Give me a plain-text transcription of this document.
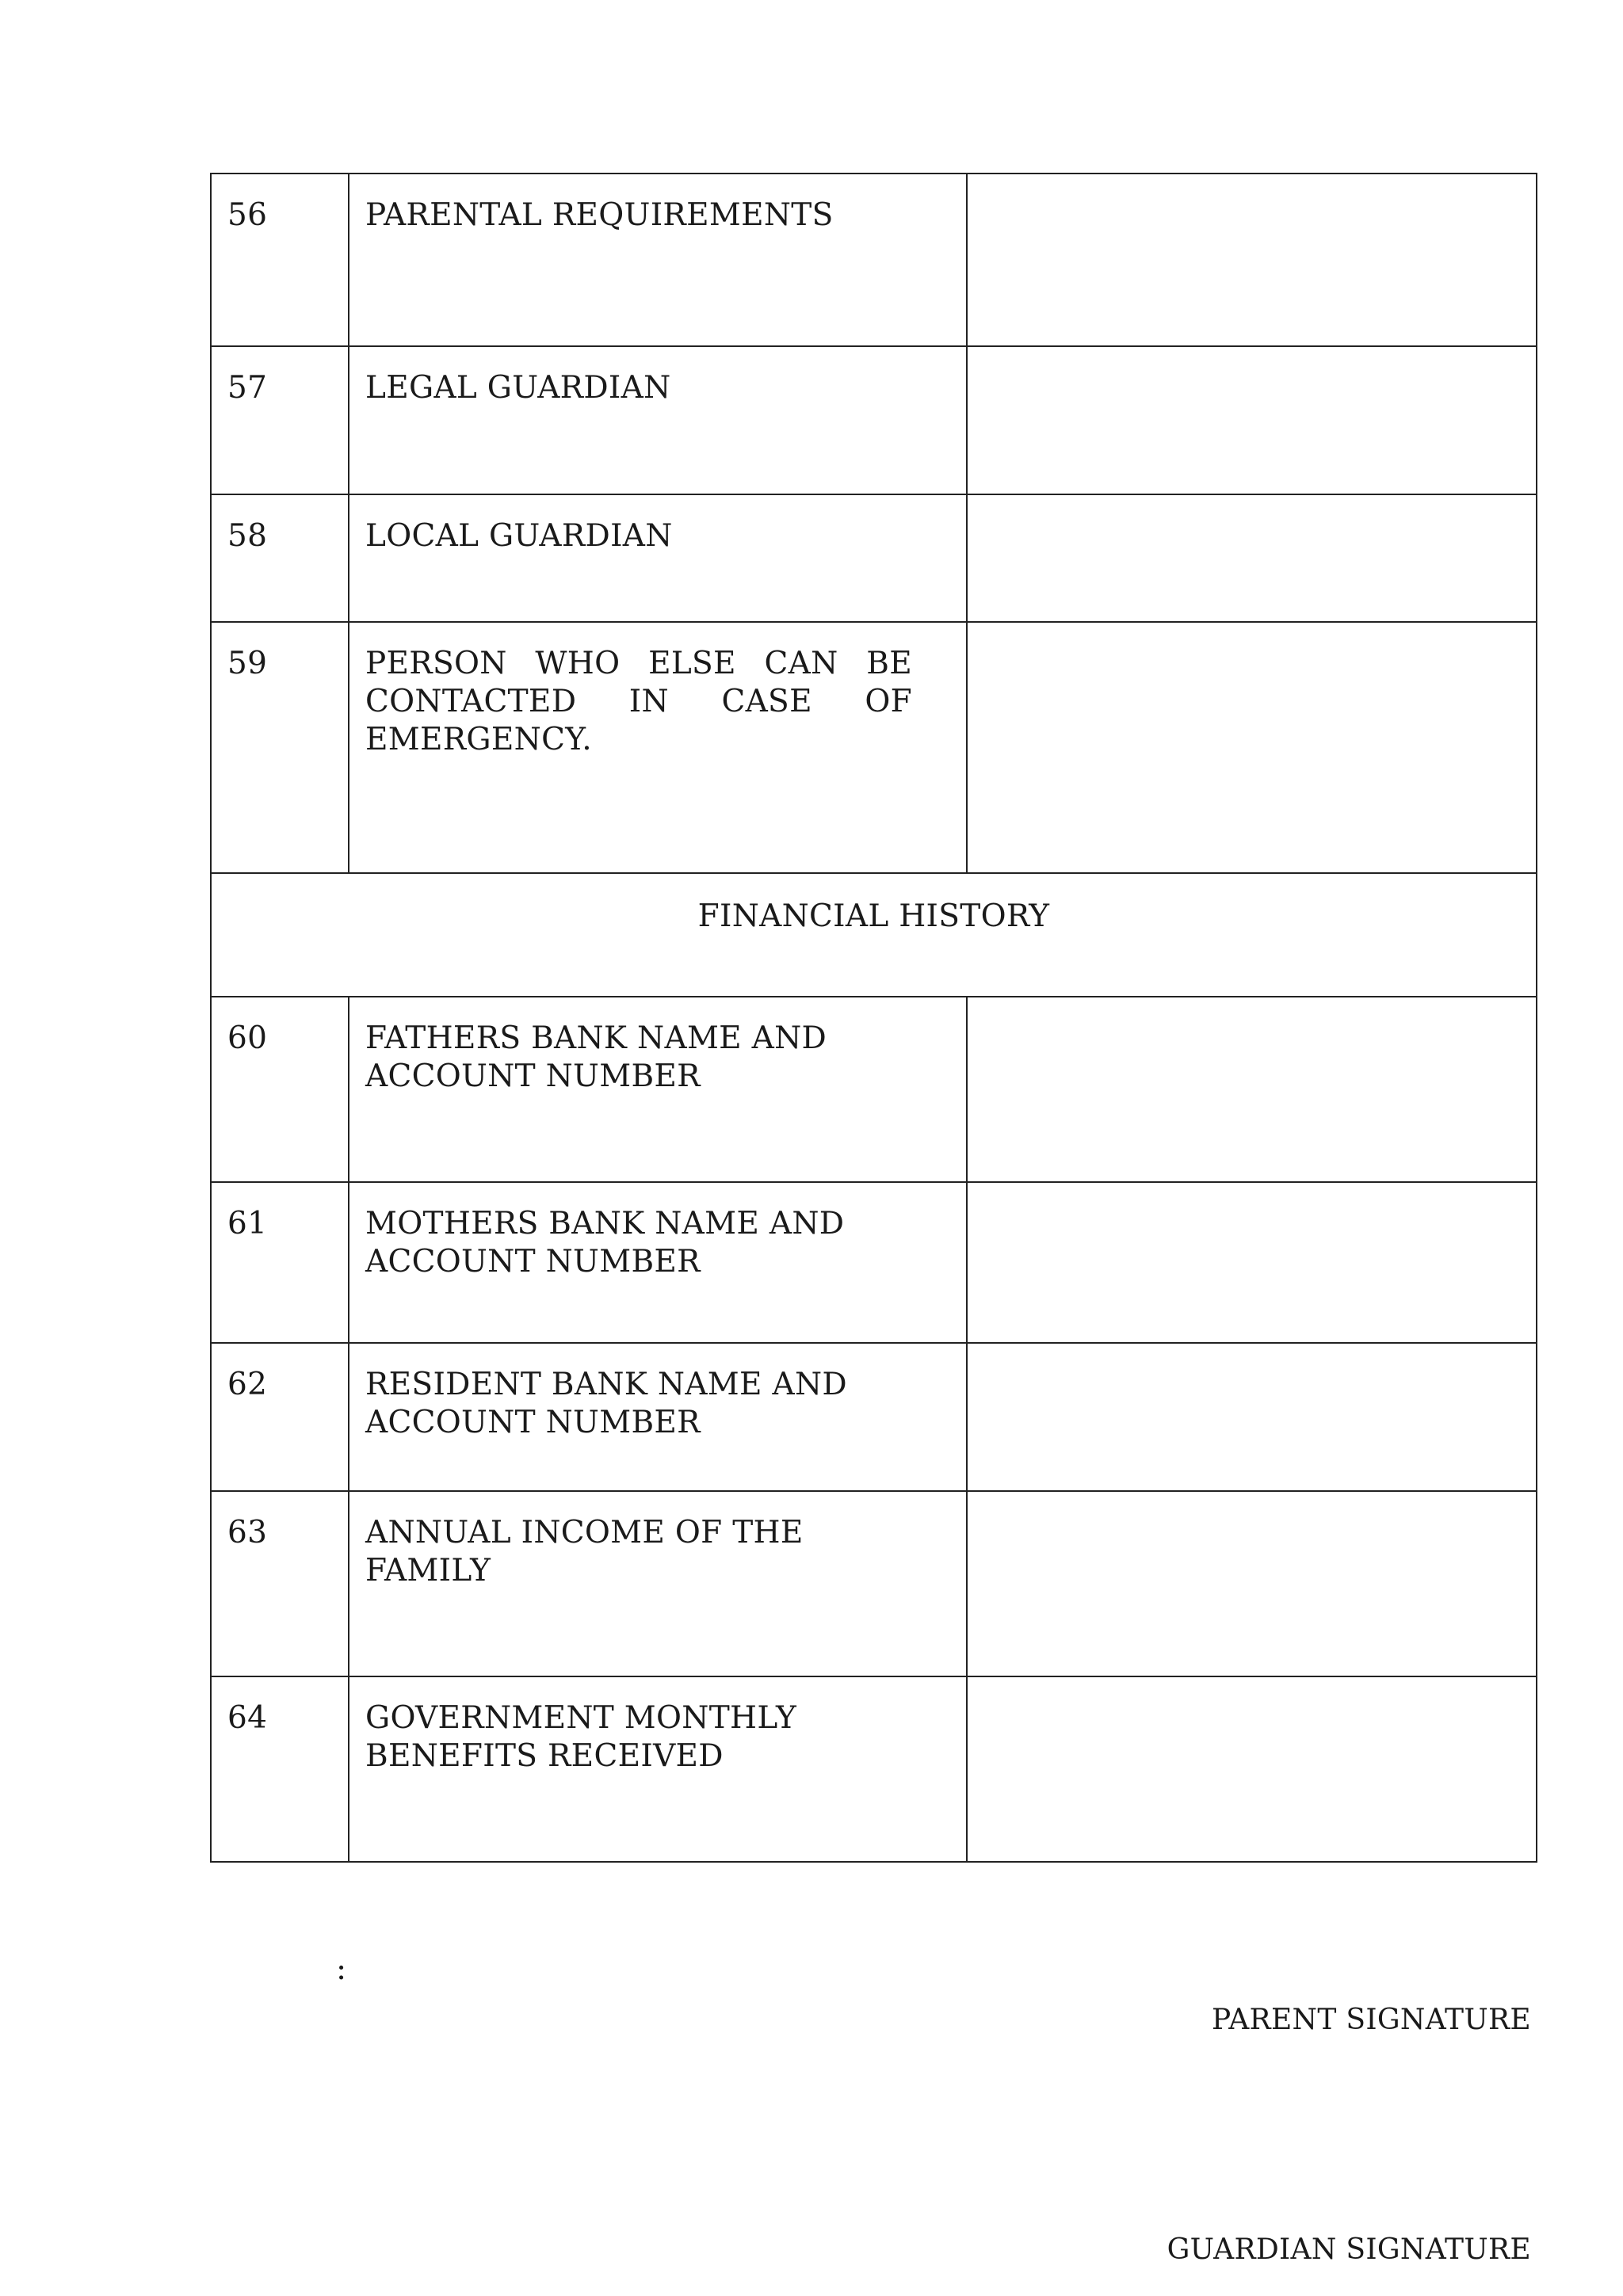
56	PARENTAL REQUIREMENTS	
57	LEGAL GUARDIAN	
58	LOCAL GUARDIAN	
59	PERSON WHO ELSE CAN BE CONTACTED IN CASE OF EMERGENCY.	
FINANCIAL HISTORY		
60	FATHERS BANK NAME AND ACCOUNT NUMBER	
61	MOTHERS BANK NAME AND ACCOUNT NUMBER	
62	RESIDENT BANK NAME AND ACCOUNT NUMBER	
63	ANNUAL INCOME OF THE FAMILY	
64	GOVERNMENT MONTHLY BENEFITS RECEIVED	
:
PARENT SIGNATURE
GUARDIAN SIGNATURE
